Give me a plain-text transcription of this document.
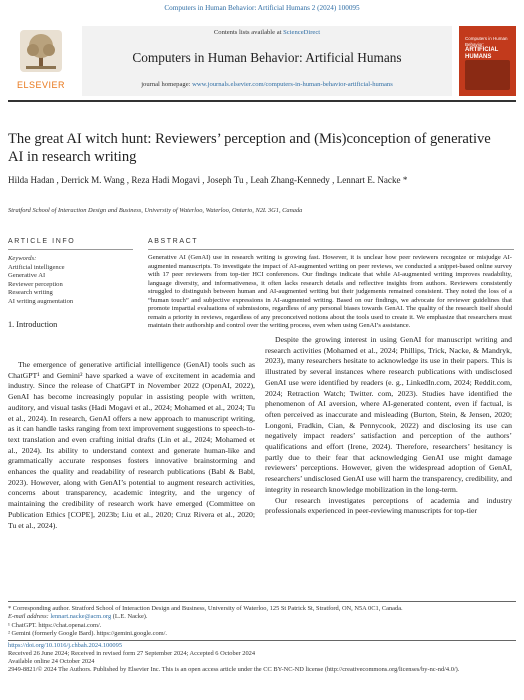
Computers in Human Behavior: Artificial Humans 2 (2024) 100095
ELSEVIER
Contents lists available at ScienceDirect
Computers in Human Behavior: Artificial Humans
journal homepage: www.journals.elsevier.com/computers-in-human-behavior-artificial-humans
Computers in Human Behavior:
ARTIFICIAL
HUMANS
The great AI witch hunt: Reviewers’ perception and (Mis)conception of generative AI in research writing
Hilda Hadan , Derrick M. Wang , Reza Hadi Mogavi , Joseph Tu , Leah Zhang-Kennedy , Lennart E. Nacke *
Stratford School of Interaction Design and Business, University of Waterloo, Waterloo, Ontario, N2L 3G1, Canada
ARTICLE INFO
Keywords:
Artificial intelligence
Generative AI
Reviewer perception
Research writing
AI writing augmentation
ABSTRACT
Generative AI (GenAI) use in research writing is growing fast. However, it is unclear how peer reviewers recognize or misjudge AI-augmented manuscripts. To investigate the impact of AI-augmented writing on peer reviews, we conducted a snippet-based online survey with 17 peer reviewers from top-tier HCI conferences. Our findings indicate that while AI-augmented writing improves readability, language diversity, and informativeness, it often lacks research details and reflective insights from authors. Reviewers consistently struggled to distinguish between human and AI-augmented writing but their judgements remained consistent. They noted the loss of a “human touch” and subjective expressions in AI-augmented writing. Based on our findings, we advocate for reviewer guidelines that promote impartial evaluations of submissions, regardless of any personal biases towards GenAI. The quality of the research itself should remain a priority in reviews, regardless of any preconceived notions about the tools used to create it. We emphasize that researchers must maintain their authorship and control over the writing process, even when using GenAI’s assistance.
1. Introduction

The emergence of generative artificial intelligence (GenAI) tools such as ChatGPT¹ and Gemini² have sparked a wave of excitement in academia and industry. Since the release of ChatGPT in November 2022 (OpenAI, 2022), GenAI has become increasingly popular in assisting people with written, auditory, and visual tasks (Hadi Mogavi et al., 2024; Mohamed et al., 2024; Tu et al., 2024). In research, GenAI offers a new approach to manuscript writing, as it can handle tasks ranging from text improvement suggestions to speech-to-text translation and even crafting initial drafts (Lin et al., 2024; Mohamed et al., 2024). Its ability to understand context and generate human-like and grammatically accurate responses fosters innovative brainstorming and enhances the quality and readability of research publications (Babl & Babl, 2023). However, along with GenAI’s potential to augment research activities, concerns about transparency, academic integrity, and the urgency of maintaining the credibility of research work have emerged (Committee on Publication Ethics [COPE], 2023b; Liu et al., 2020; Cruz Rivera et al., 2020; Tu et al., 2024).

Despite the growing interest in using GenAI for manuscript writing and research activities (Mohamed et al., 2024; Phillips, Trick, Nacke, & Mandryk, 2023), many researchers hesitate to acknowledge its use in their papers. This is illustrated by several instances where research publications with undisclosed GenAI use were identified by readers (e. g., LinkedIn.com, 2024; Reddit.com, 2024; Retraction Watch; Twitter. com, 2023). Studies have identified the phenomenon of AI aversion, where AI-generated content, even if factual, is often perceived as inaccurate and misleading (Burton, Stein, & Jensen, 2020; Longoni, Fradkin, Cian, & Pennycook, 2022) and disclosing its use can negatively impact readers’ satisfaction and perception of the authors’ qualifications and effort (Irene, 2024). Therefore, researchers’ hesitancy is partly due to their fear that acknowledging GenAI use might damage reviewers’ perceptions. However, given the widespread adoption of GenAI, researchers’ undisclosed GenAI use will harm the transparency, credibility, and integrity in research knowledge mobilization in the long-term.

Our research investigates perceptions of academia and industry professionals experienced in peer-reviewing manuscripts for top-tier

* Corresponding author. Stratford School of Interaction Design and Business, University of Waterloo, 125 St Patrick St, Stratford, ON, N5A 0C1, Canada.
E-mail address: lennart.nacke@acm.org (L.E. Nacke).
¹ ChatGPT. https://chat.openai.com/.
² Gemini (formerly Google Bard). https://gemini.google.com/.
https://doi.org/10.1016/j.chbah.2024.100095
Received 26 June 2024; Received in revised form 27 September 2024; Accepted 6 October 2024
Available online 24 October 2024
2949-8821/© 2024 The Authors. Published by Elsevier Inc. This is an open access article under the CC BY-NC-ND license (http://creativecommons.org/licenses/by-nc-nd/4.0/).
